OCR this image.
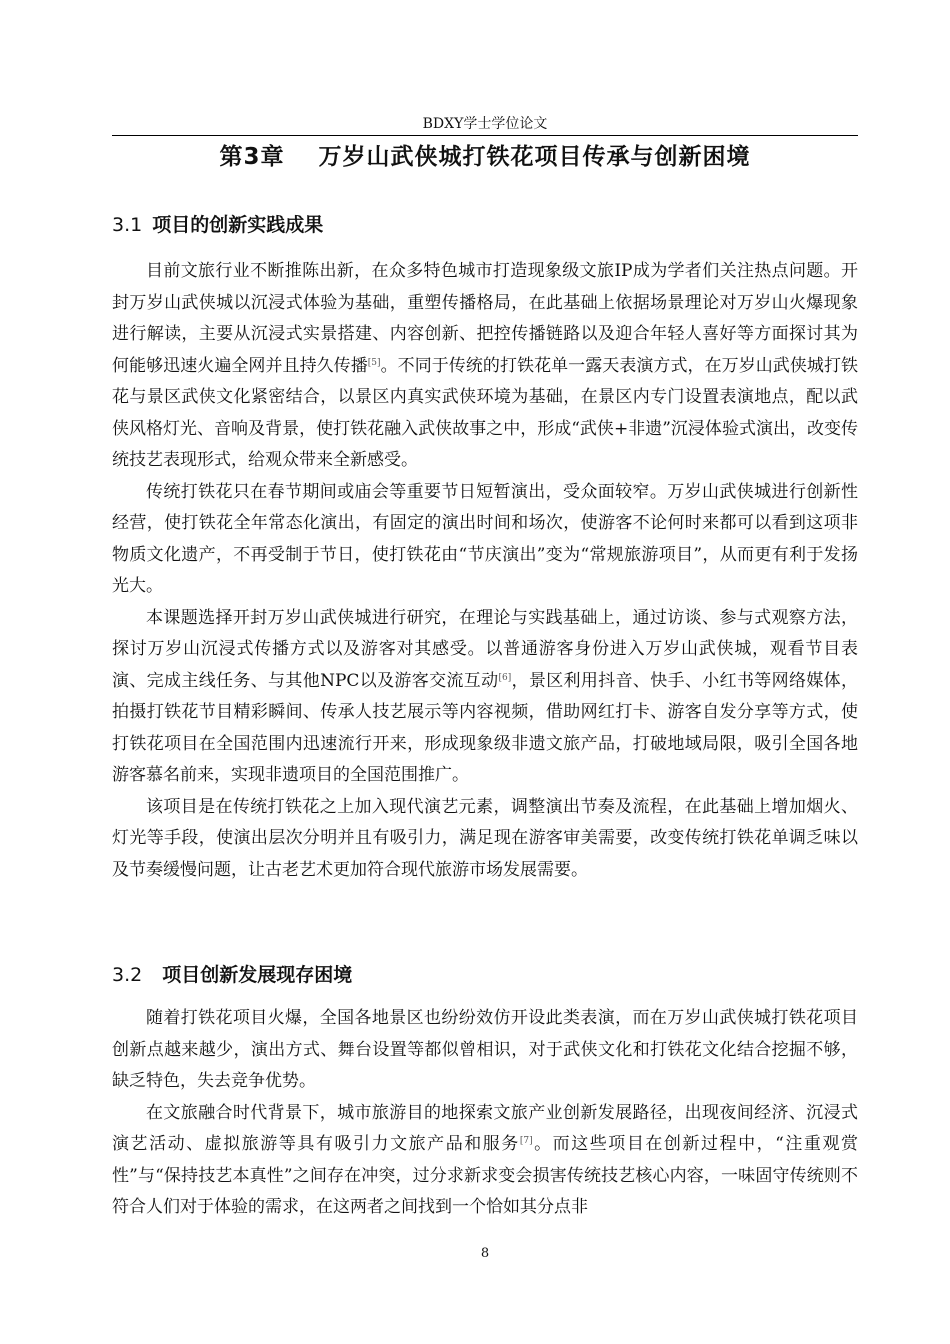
BDXY学士学位论文
第3章 万岁山武侠城打铁花项目传承与创新困境
3.1 项目的创新实践成果

目前文旅行业不断推陈出新，在众多特色城市打造现象级文旅IP成为学者们关注热点问题。开封万岁山武侠城以沉浸式体验为基础，重塑传播格局，在此基础上依据场景理论对万岁山火爆现象进行解读，主要从沉浸式实景搭建、内容创新、把控传播链路以及迎合年轻人喜好等方面探讨其为何能够迅速火遍全网并且持久传播[5]。不同于传统的打铁花单一露天表演方式，在万岁山武侠城打铁花与景区武侠文化紧密结合，以景区内真实武侠环境为基础，在景区内专门设置表演地点，配以武侠风格灯光、音响及背景，使打铁花融入武侠故事之中，形成“武侠+非遗”沉浸体验式演出，改变传统技艺表现形式，给观众带来全新感受。

传统打铁花只在春节期间或庙会等重要节日短暂演出，受众面较窄。万岁山武侠城进行创新性经营，使打铁花全年常态化演出，有固定的演出时间和场次，使游客不论何时来都可以看到这项非物质文化遗产，不再受制于节日，使打铁花由“节庆演出”变为“常规旅游项目”，从而更有利于发扬光大。

本课题选择开封万岁山武侠城进行研究，在理论与实践基础上，通过访谈、参与式观察方法，探讨万岁山沉浸式传播方式以及游客对其感受。以普通游客身份进入万岁山武侠城，观看节目表演、完成主线任务、与其他NPC以及游客交流互动[6]，景区利用抖音、快手、小红书等网络媒体，拍摄打铁花节目精彩瞬间、传承人技艺展示等内容视频，借助网红打卡、游客自发分享等方式，使打铁花项目在全国范围内迅速流行开来，形成现象级非遗文旅产品，打破地域局限，吸引全国各地游客慕名前来，实现非遗项目的全国范围推广。

该项目是在传统打铁花之上加入现代演艺元素，调整演出节奏及流程，在此基础上增加烟火、灯光等手段，使演出层次分明并且有吸引力，满足现在游客审美需要，改变传统打铁花单调乏味以及节奏缓慢问题，让古老艺术更加符合现代旅游市场发展需要。

3.2 项目创新发展现存困境

随着打铁花项目火爆，全国各地景区也纷纷效仿开设此类表演，而在万岁山武侠城打铁花项目创新点越来越少，演出方式、舞台设置等都似曾相识，对于武侠文化和打铁花文化结合挖掘不够，缺乏特色，失去竞争优势。

在文旅融合时代背景下，城市旅游目的地探索文旅产业创新发展路径，出现夜间经济、沉浸式演艺活动、虚拟旅游等具有吸引力文旅产品和服务[7]。而这些项目在创新过程中，“注重观赏性”与“保持技艺本真性”之间存在冲突，过分求新求变会损害传统技艺核心内容，一味固守传统则不符合人们对于体验的需求，在这两者之间找到一个恰如其分点非

8
